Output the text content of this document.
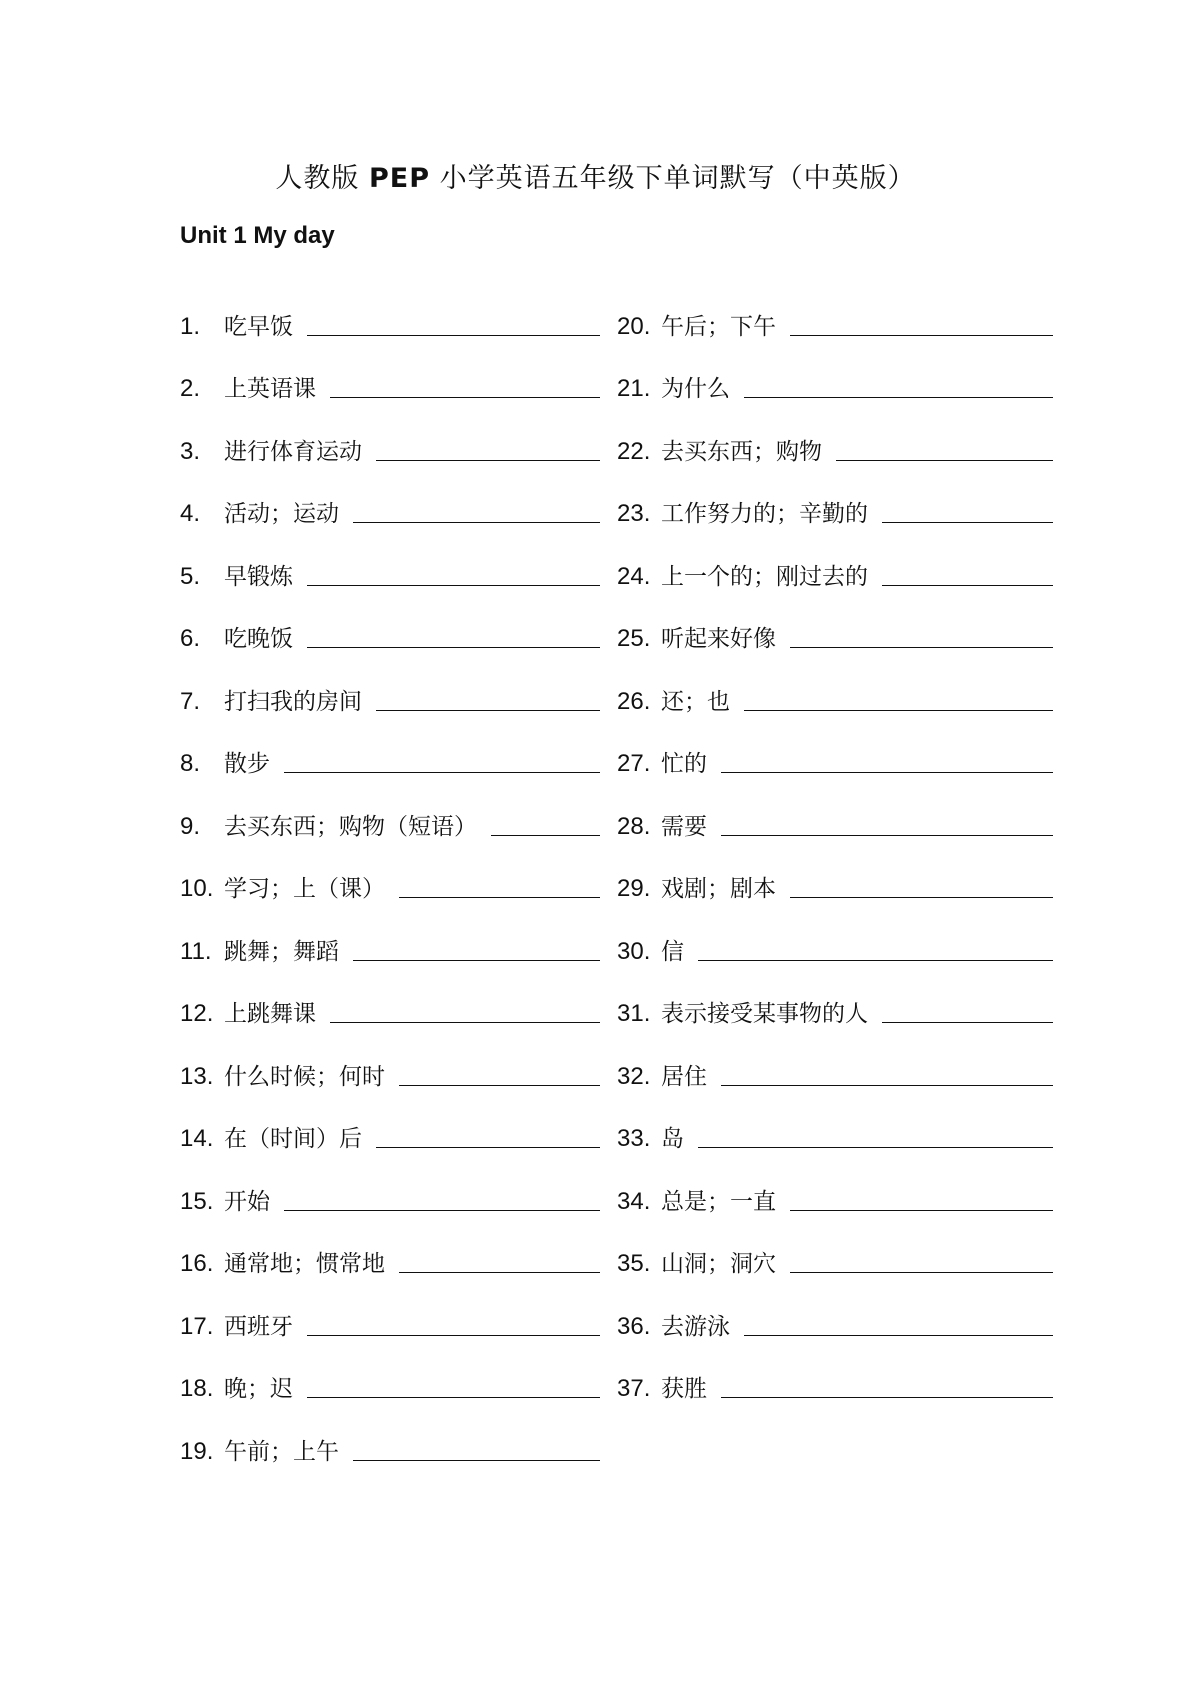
人教版 PEP 小学英语五年级下单词默写（中英版）
Unit 1 My day
1.	吃早饭
2.	上英语课
3.	进行体育运动
4.	活动；运动
5.	早锻炼
6.	吃晚饭
7.	打扫我的房间
8.	散步
9.	去买东西；购物（短语）
10. 学习；上（课）
11. 跳舞；舞蹈
12. 上跳舞课
13. 什么时候；何时
14. 在（时间）后
15. 开始
16. 通常地；惯常地
17. 西班牙
18. 晚；迟
19. 午前；上午
20. 午后；下午
21. 为什么
22. 去买东西；购物
23. 工作努力的；辛勤的
24. 上一个的；刚过去的
25. 听起来好像
26. 还；也
27. 忙的
28. 需要
29. 戏剧；剧本
30. 信
31. 表示接受某事物的人
32. 居住
33. 岛
34. 总是；一直
35. 山洞；洞穴
36. 去游泳
37. 获胜
